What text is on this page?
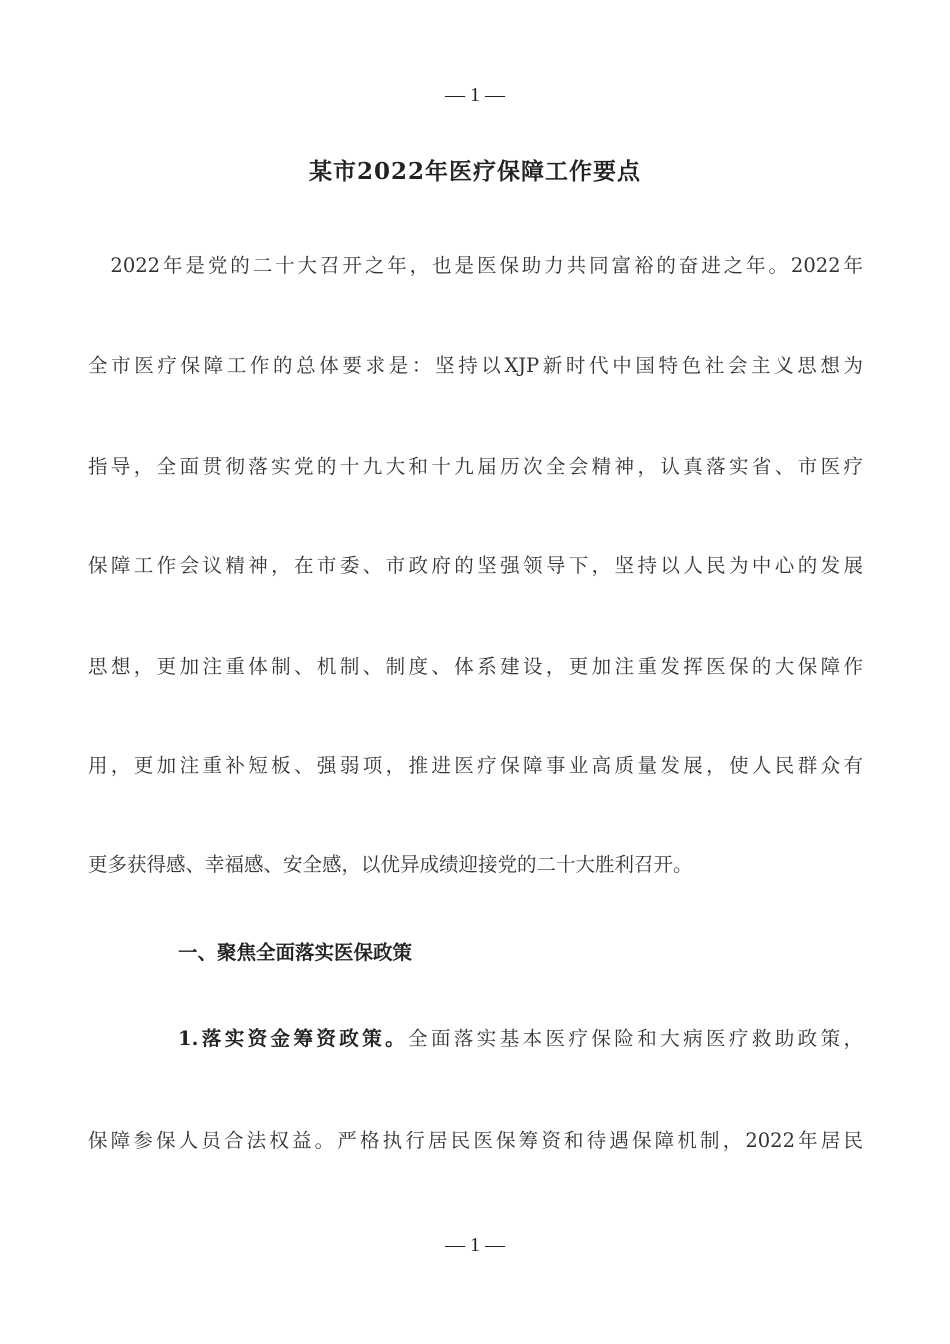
— 1 —
某市2022年医疗保障工作要点
　2022年是党的二十大召开之年，也是医保助力共同富裕的奋进之年。2022年
全市医疗保障工作的总体要求是：坚持以XJP新时代中国特色社会主义思想为
指导，全面贯彻落实党的十九大和十九届历次全会精神，认真落实省、市医疗
保障工作会议精神，在市委、市政府的坚强领导下，坚持以人民为中心的发展
思想，更加注重体制、机制、制度、体系建设，更加注重发挥医保的大保障作
用，更加注重补短板、强弱项，推进医疗保障事业高质量发展，使人民群众有
更多获得感、幸福感、安全感，以优异成绩迎接党的二十大胜利召开。
一、聚焦全面落实医保政策
1.落实资金筹资政策。全面落实基本医疗保险和大病医疗救助政策，
保障参保人员合法权益。严格执行居民医保筹资和待遇保障机制，2022年居民
— 1 —
